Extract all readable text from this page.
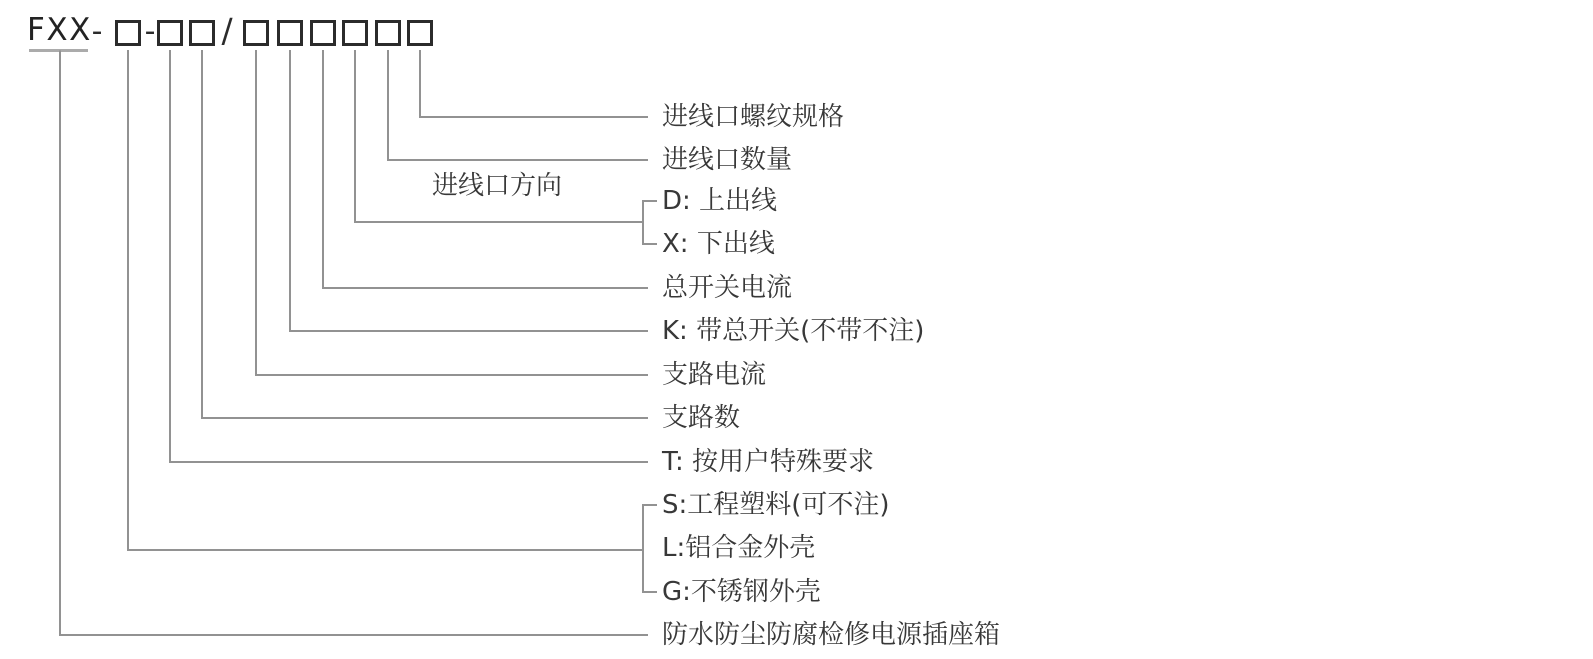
FXX - - /
进线口螺纹规格
进线口数量
D: 上出线
X: 下出线
总开关电流
K: 带总开关(不带不注)
支路电流
支路数
T: 按用户特殊要求
S:工程塑料(可不注)
L:铝合金外壳
G:不锈钢外壳
防水防尘防腐检修电源插座箱
进线口方向
